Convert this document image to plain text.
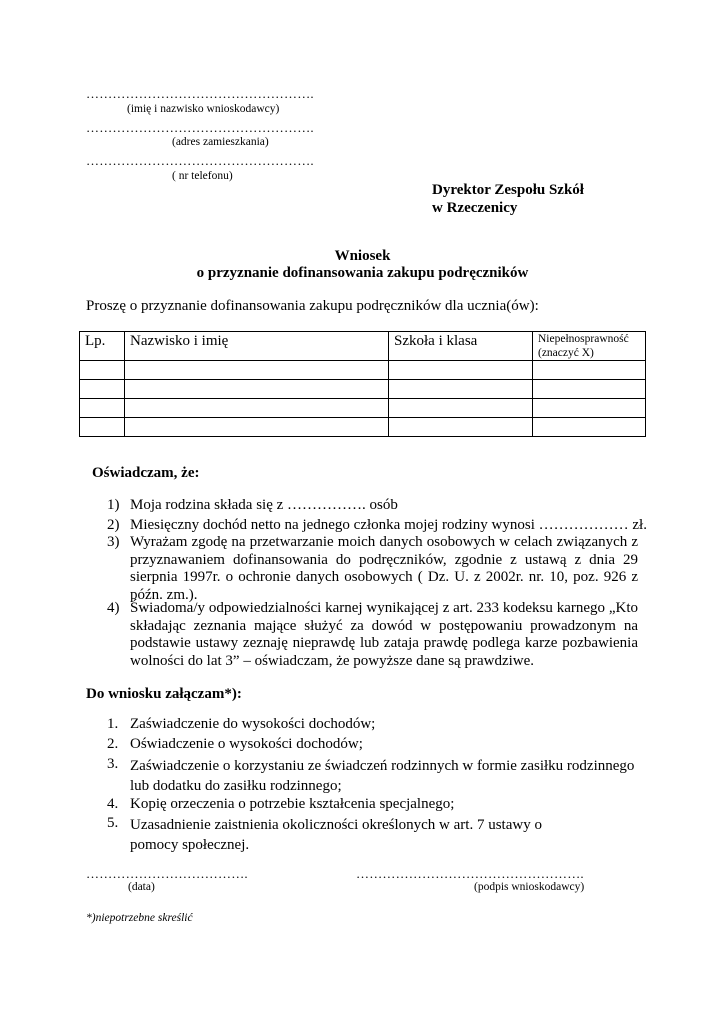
…………………………………………….
(imię i nazwisko wnioskodawcy)
…………………………………………….
(adres zamieszkania)
…………………………………………….
( nr telefonu)
Dyrektor Zespołu Szkół
w Rzeczenicy
Wniosek
o przyznanie dofinansowania zakupu podręczników
Proszę o przyznanie dofinansowania zakupu podręczników dla ucznia(ów):
Lp.	Nazwisko i imię	Szkoła i klasa	Niepełnosprawność (znaczyć X)

Oświadczam, że:
1) Moja rodzina składa się z ……………. osób
2) Miesięczny dochód netto na jednego członka mojej rodziny wynosi ……………… zł.
3) Wyrażam zgodę na przetwarzanie moich danych osobowych w celach związanych z przyznawaniem dofinansowania do podręczników, zgodnie z ustawą z dnia 29 sierpnia 1997r. o ochronie danych osobowych ( Dz. U. z 2002r. nr. 10, poz. 926 z późn. zm.).
4) Świadoma/y odpowiedzialności karnej wynikającej z art. 233 kodeksu karnego „Kto składając zeznania mające służyć za dowód w postępowaniu prowadzonym na podstawie ustawy zeznaję nieprawdę lub zataja prawdę podlega karze pozbawienia wolności do lat 3” – oświadczam, że powyższe dane są prawdziwe.
Do wniosku załączam*):
1. Zaświadczenie do wysokości dochodów;
2. Oświadczenie o wysokości dochodów;
3. Zaświadczenie o korzystaniu ze świadczeń rodzinnych w formie zasiłku rodzinnego lub dodatku do zasiłku rodzinnego;
4. Kopię orzeczenia o potrzebie kształcenia specjalnego;
5. Uzasadnienie zaistnienia okoliczności określonych w art. 7 ustawy o pomocy społecznej.
……………………………….
(data)
…………………………………………….
(podpis wnioskodawcy)
*)niepotrzebne skreślić
